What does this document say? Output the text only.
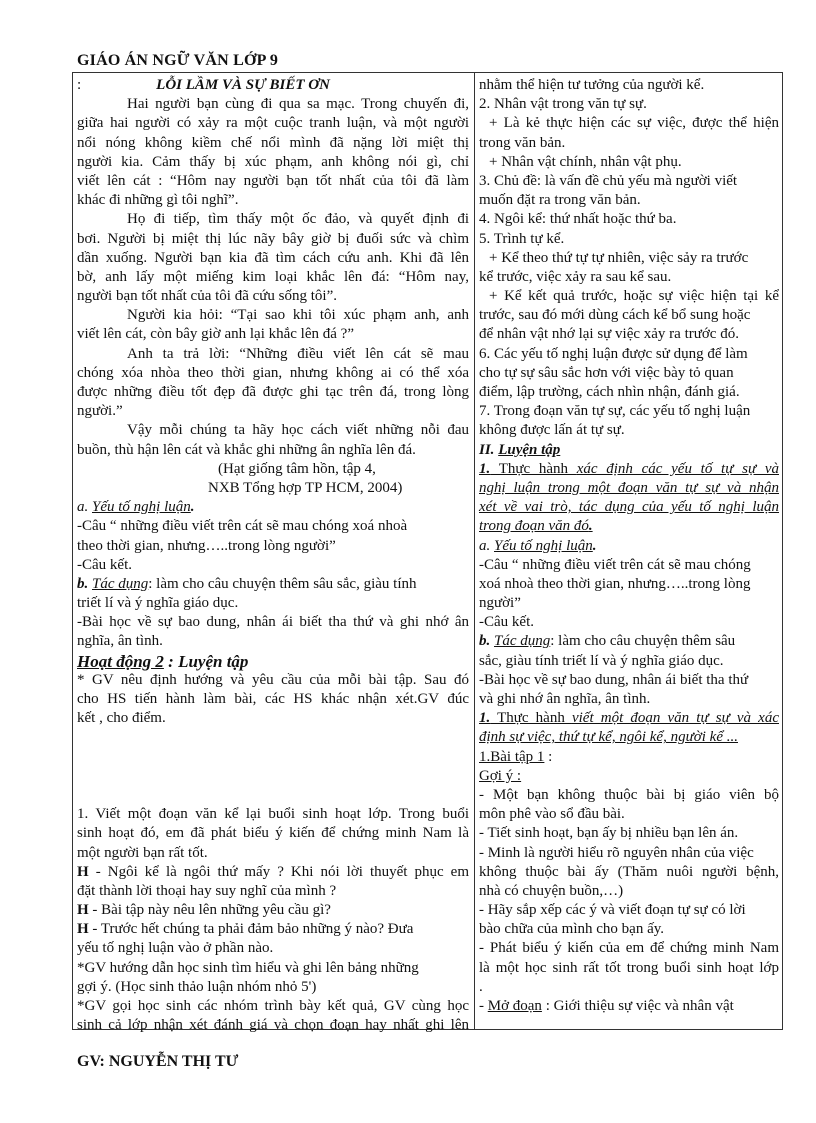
GIÁO ÁN NGỮ VĂN LỚP 9
:	LỖI LẦM VÀ SỰ BIẾT ƠN
Hai người bạn cùng đi qua sa mạc. Trong chuyến đi,
giữa hai người có xảy ra một cuộc tranh luận, và một người
nổi nóng không kiềm chế nổi mình đã nặng lời miệt thị
người kia. Cảm thấy bị xúc phạm, anh không nói gì, chỉ
viết lên cát : “Hôm nay người bạn tốt nhất của tôi đã làm
khác đi những gì tôi nghĩ”.
Họ đi tiếp, tìm thấy một ốc đảo, và quyết định đi
bơi. Người bị miệt thị lúc nãy bây giờ bị đuối sức và chìm
dần xuống. Người bạn kia đã tìm cách cứu anh. Khi đã lên
bờ, anh lấy một miếng kim loại khắc lên đá: “Hôm nay,
người bạn tốt nhất của tôi đã cứu sống tôi”.
Người kia hỏi: “Tại sao khi tôi xúc phạm anh, anh
viết lên cát, còn bây giờ anh lại khắc lên đá ?”
Anh ta trả lời: “Những điều viết lên cát sẽ mau
chóng xóa nhòa theo thời gian, nhưng không ai có thể xóa
được những điều tốt đẹp đã được ghi tạc trên đá, trong lòng
người.”
Vậy mỗi chúng ta hãy học cách viết những nỗi đau
buồn, thù hận lên cát và khắc ghi những ân nghĩa lên đá.
(Hạt giống tâm hồn, tập 4,
NXB Tổng hợp TP HCM, 2004)
a. Yếu tố nghị luận.
-Câu “ những điều viết trên cát sẽ mau chóng xoá nhoà
theo thời gian, nhưng…..trong lòng người”
-Câu kết.
b. Tác dụng: làm cho câu chuyện thêm sâu sắc, giàu tính
triết lí và ý nghĩa giáo dục.
-Bài học về sự bao dung, nhân ái biết tha thứ và ghi nhớ ân
nghĩa, ân tình.
Hoạt động 2 : Luyện tập
* GV nêu định hướng và yêu cầu của mỗi bài tập. Sau đó
cho HS tiến hành làm bài, các HS khác nhận xét.GV đúc
kết , cho điểm.

1. Viết một đoạn văn kể lại buổi sinh hoạt lớp. Trong buổi
sinh hoạt đó, em đã phát biểu ý kiến để chứng minh Nam là
một người bạn rất tốt.
H - Ngôi kể là ngôi thứ mấy ? Khi nói lời thuyết phục em
đặt thành lời thoại hay suy nghĩ của mình ?
H - Bài tập này nêu lên những yêu cầu gì?
H - Trước hết chúng ta phải đảm bảo những ý nào? Đưa
yếu tố nghị luận vào ở phần nào.
*GV hướng dẫn học sinh tìm hiểu và ghi lên bảng những
gợi ý. (Học sinh thảo luận nhóm nhỏ 5')
*GV gọi học sinh các nhóm trình bày kết quả, GV cùng học
sinh cả lớp nhận xét đánh giá và chọn đoạn hay nhất ghi lên
nhằm thể hiện tư tưởng của người kể.
2. Nhân vật trong văn tự sự.
+ Là kẻ thực hiện các sự việc, được thể hiện
trong văn bản.
+ Nhân vật chính, nhân vật phụ.
3. Chủ đề: là vấn đề chủ yếu mà người viết
muốn đặt ra trong văn bản.
4. Ngôi kể: thứ nhất hoặc thứ ba.
5. Trình tự kể.
+ Kể theo thứ tự tự nhiên, việc sảy ra trước
kể trước, việc xảy ra sau kể sau.
+ Kể kết quả trước, hoặc sự việc hiện tại kể
trước, sau đó mới dùng cách kể bổ sung hoặc
để nhân vật nhớ lại sự việc xảy ra trước đó.
6. Các yếu tố nghị luận được sử dụng để làm
cho tự sự sâu sắc hơn với việc bày tỏ quan
điểm, lập trường, cách nhìn nhận, đánh giá.
7. Trong đoạn văn tự sự, các yếu tố nghị luận
không được lấn át tự sự.
II. Luyện tập
1. Thực hành xác định các yếu tố tự sự và
nghị luận trong một đoạn văn tự sự và nhận
xét về vai trò, tác dụng của yếu tố nghị luận
trong đoạn văn đó.
a. Yếu tố nghị luận.
-Câu “ những điều viết trên cát sẽ mau chóng
xoá nhoà theo thời gian, nhưng…..trong lòng
người”
-Câu kết.
b. Tác dụng: làm cho câu chuyện thêm sâu
sắc, giàu tính triết lí và ý nghĩa giáo dục.
-Bài học về sự bao dung, nhân ái biết tha thứ
và ghi nhớ ân nghĩa, ân tình.
1. Thực hành viết một đoạn văn tự sự và xác
định sự việc, thứ tự kể, ngôi kể, người kể ...
1.Bài tập 1 :
Gợi ý :
- Một bạn không thuộc bài bị giáo viên bộ
môn phê vào sổ đầu bài.
- Tiết sinh hoạt, bạn ấy bị nhiều bạn lên án.
- Minh là người hiểu rõ nguyên nhân của việc
không thuộc bài ấy (Thăm nuôi người bệnh,
nhà có chuyện buồn,…)
- Hãy sắp xếp các ý và viết đoạn tự sự có lời
bào chữa của mình cho bạn ấy.
- Phát biểu ý kiến của em để chứng minh Nam
là một học sinh rất tốt trong buổi sinh hoạt lớp
.
- Mở đoạn : Giới thiệu sự việc và nhân vật
GV: NGUYỄN THỊ TƯ
